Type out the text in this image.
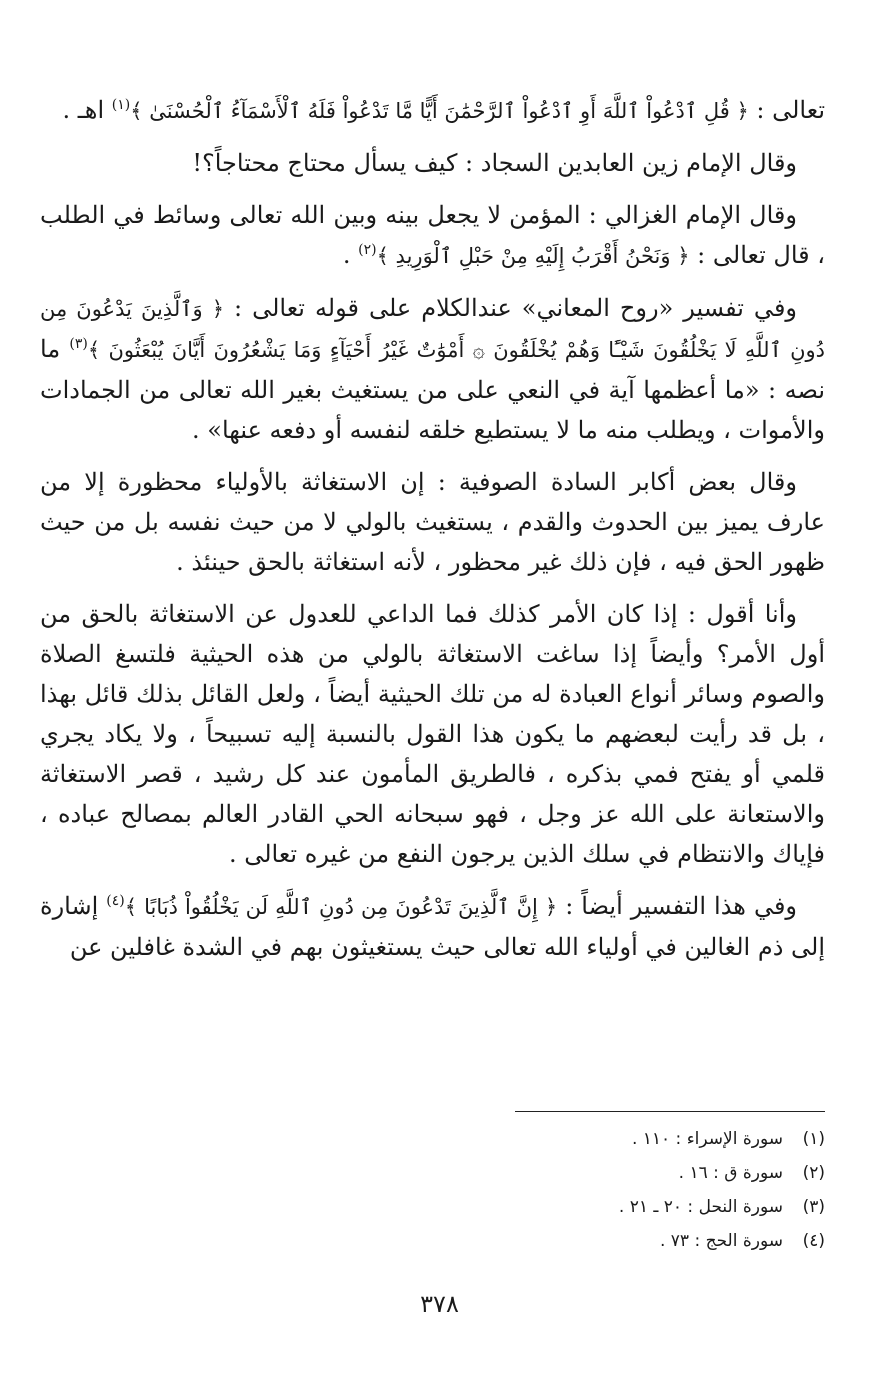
تعالى : ﴿ قُلِ ٱدْعُواْ ٱللَّهَ أَوِ ٱدْعُواْ ٱلرَّحْمَٰنَ أَيًّا مَّا تَدْعُواْ فَلَهُ ٱلْأَسْمَآءُ ٱلْحُسْنَىٰ ﴾$^{(١)}$ اهـ .

وقال الإمام زين العابدين السجاد : كيف يسأل محتاج محتاجاً؟!

وقال الإمام الغزالي : المؤمن لا يجعل بينه وبين الله تعالى وسائط في الطلب ، قال تعالى : ﴿ وَنَحْنُ أَقْرَبُ إِلَيْهِ مِنْ حَبْلِ ٱلْوَرِيدِ ﴾$^{(٢)}$ .

وفي تفسير «روح المعاني» عندالكلام على قوله تعالى : ﴿ وَٱلَّذِينَ يَدْعُونَ مِن دُونِ ٱللَّهِ لَا يَخْلُقُونَ شَيْـًٔا وَهُمْ يُخْلَقُونَ ۞ أَمْوَٰتٌ غَيْرُ أَحْيَآءٍ وَمَا يَشْعُرُونَ أَيَّانَ يُبْعَثُونَ ﴾$^{(٣)}$ ما نصه : «ما أعظمها آية في النعي على من يستغيث بغير الله تعالى من الجمادات والأموات ، ويطلب منه ما لا يستطيع خلقه لنفسه أو دفعه عنها» .

وقال بعض أكابر السادة الصوفية : إن الاستغاثة بالأولياء محظورة إلا من عارف يميز بين الحدوث والقدم ، يستغيث بالولي لا من حيث نفسه بل من حيث ظهور الحق فيه ، فإن ذلك غير محظور ، لأنه استغاثة بالحق حينئذ .

وأنا أقول : إذا كان الأمر كذلك فما الداعي للعدول عن الاستغاثة بالحق من أول الأمر؟ وأيضاً إذا ساغت الاستغاثة بالولي من هذه الحيثية فلتسغ الصلاة والصوم وسائر أنواع العبادة له من تلك الحيثية أيضاً ، ولعل القائل بذلك قائل بهذا ، بل قد رأيت لبعضهم ما يكون هذا القول بالنسبة إليه تسبيحاً ، ولا يكاد يجري قلمي أو يفتح فمي بذكره ، فالطريق المأمون عند كل رشيد ، قصر الاستغاثة والاستعانة على الله عز وجل ، فهو سبحانه الحي القادر العالم بمصالح عباده ، فإياك والانتظام في سلك الذين يرجون النفع من غيره تعالى .

وفي هذا التفسير أيضاً : ﴿ إِنَّ ٱلَّذِينَ تَدْعُونَ مِن دُونِ ٱللَّهِ لَن يَخْلُقُواْ ذُبَابًا ﴾$^{(٤)}$ إشارة إلى ذم الغالين في أولياء الله تعالى حيث يستغيثون بهم في الشدة غافلين عن

(١)سورة الإسراء : ١١٠ .
(٢)سورة ق : ١٦ .
(٣)سورة النحل : ٢٠ ـ ٢١ .
(٤)سورة الحج : ٧٣ .
٣٧٨
